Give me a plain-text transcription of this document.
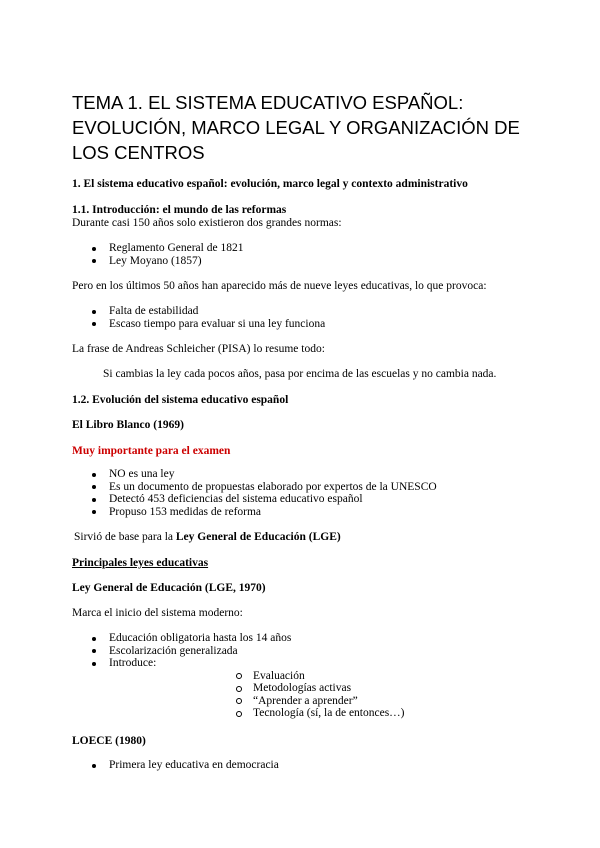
TEMA 1. EL SISTEMA EDUCATIVO ESPAÑOL:
EVOLUCIÓN, MARCO LEGAL Y ORGANIZACIÓN DE
LOS CENTROS

1. El sistema educativo español: evolución, marco legal y contexto administrativo

1.1. Introducción: el mundo de las reformas

Durante casi 150 años solo existieron dos grandes normas:

Reglamento General de 1821
Ley Moyano (1857)

Pero en los últimos 50 años han aparecido más de nueve leyes educativas, lo que provoca:

Falta de estabilidad
Escaso tiempo para evaluar si una ley funciona

La frase de Andreas Schleicher (PISA) lo resume todo:

Si cambias la ley cada pocos años, pasa por encima de las escuelas y no cambia nada.

1.2. Evolución del sistema educativo español

El Libro Blanco (1969)

Muy importante para el examen

NO es una ley
Es un documento de propuestas elaborado por expertos de la UNESCO
Detectó 453 deficiencias del sistema educativo español
Propuso 153 medidas de reforma

Sirvió de base para la Ley General de Educación (LGE)

Principales leyes educativas

Ley General de Educación (LGE, 1970)

Marca el inicio del sistema moderno:

Educación obligatoria hasta los 14 años
Escolarización generalizada
Introduce:
Evaluación
Metodologías activas
“Aprender a aprender”
Tecnología (sí, la de entonces…)

LOECE (1980)

Primera ley educativa en democracia
